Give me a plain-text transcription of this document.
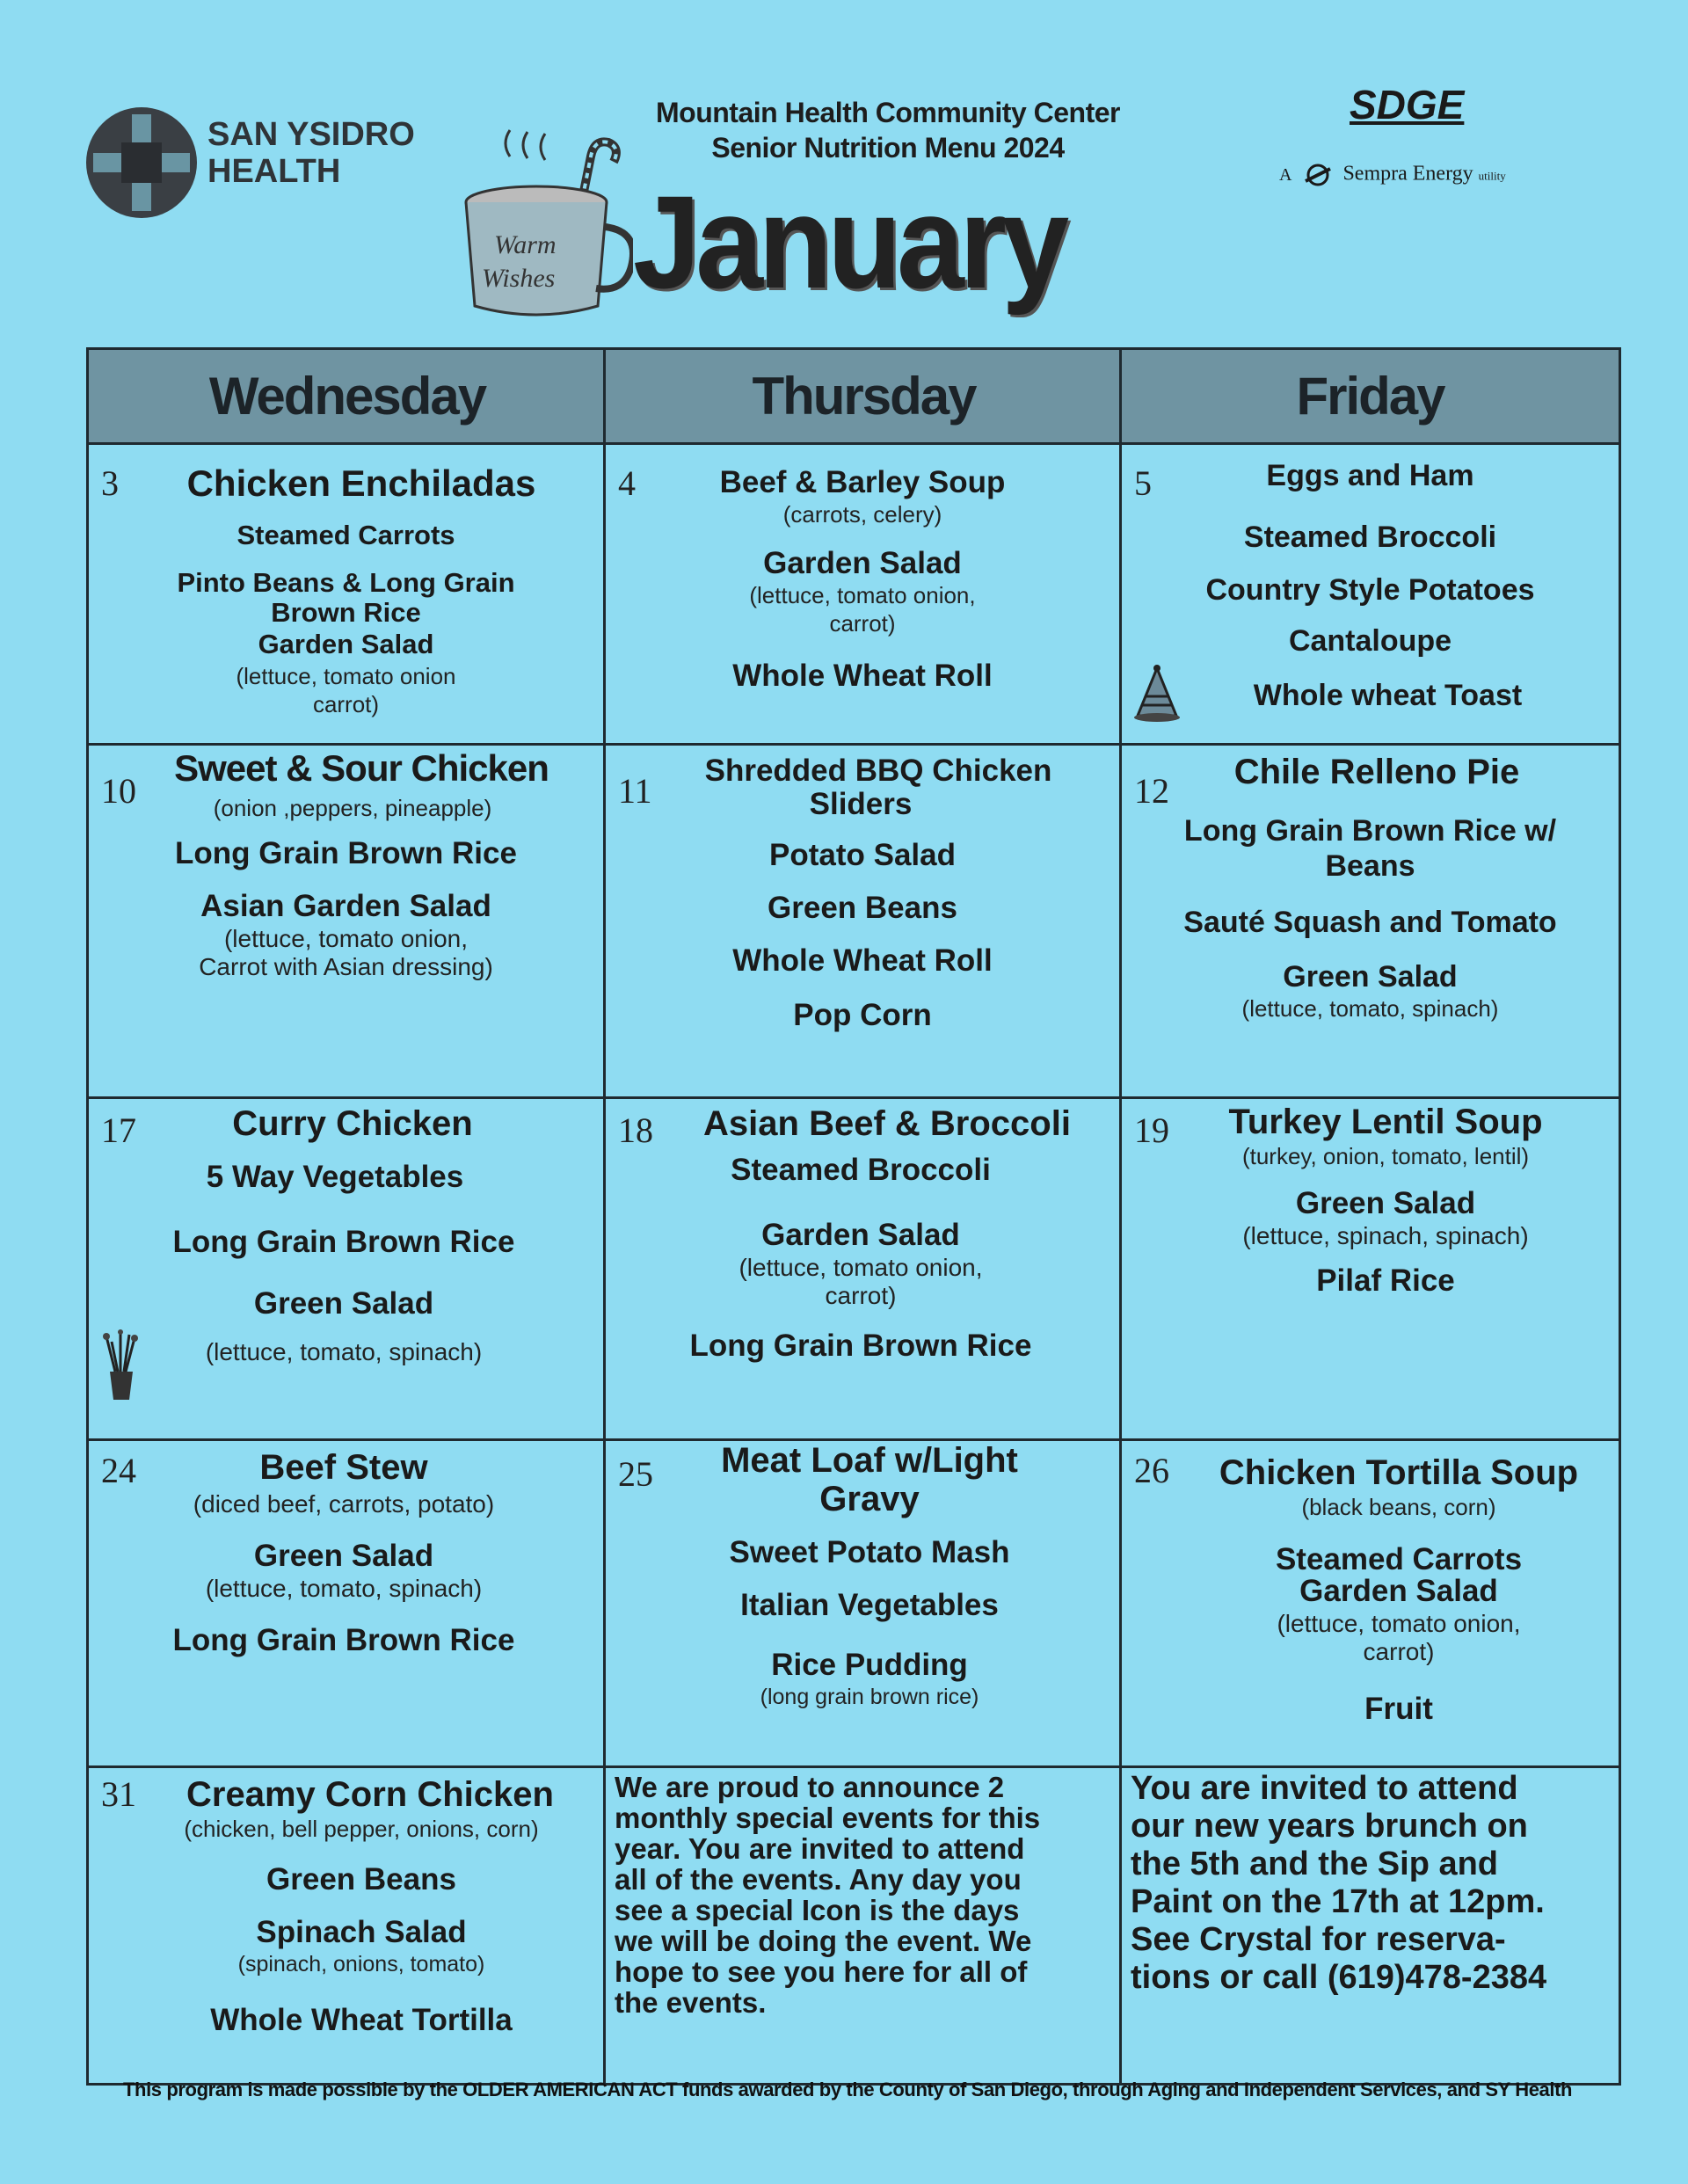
SAN YSIDRO
HEALTH
Warm
Wishes
Mountain Health Community Center
Senior Nutrition Menu 2024
January
SDGE
A Sempra Energy utility
Wednesday	Thursday	Friday
3	Chicken Enchiladas
Steamed Carrots
Pinto Beans & Long Grain
Brown Rice
Garden Salad
(lettuce, tomato onion
carrot)
4	Beef & Barley Soup
(carrots, celery)
Garden Salad
(lettuce, tomato onion,
carrot)
Whole Wheat Roll
5	Eggs and Ham
Steamed Broccoli
Country Style Potatoes
Cantaloupe
Whole wheat Toast
10
Sweet & Sour Chicken
(onion ,peppers, pineapple)
Long Grain Brown Rice
Asian Garden Salad
(lettuce, tomato onion,
Carrot with Asian dressing)
11
Shredded BBQ Chicken
Sliders
Potato Salad
Green Beans
Whole Wheat Roll
Pop Corn
12	Chile Relleno Pie
Long Grain Brown Rice w/
Beans
Sauté Squash and Tomato
Green Salad
(lettuce, tomato, spinach)
17	Curry Chicken
5 Way Vegetables
Long Grain Brown Rice
Green Salad
(lettuce, tomato, spinach)
18	Asian Beef & Broccoli
Steamed Broccoli
Garden Salad
(lettuce, tomato onion,
carrot)
Long Grain Brown Rice
19	Turkey Lentil Soup
(turkey, onion, tomato, lentil)
Green Salad
(lettuce, spinach, spinach)
Pilaf Rice
24	Beef Stew
(diced beef, carrots, potato)
Green Salad
(lettuce, tomato, spinach)
Long Grain Brown Rice
25	Meat Loaf w/Light
Gravy
Sweet Potato Mash
Italian Vegetables
Rice Pudding
(long grain brown rice)
26	Chicken Tortilla Soup
(black beans, corn)
Steamed Carrots
Garden Salad
(lettuce, tomato onion,
carrot)
Fruit
31	Creamy Corn Chicken
(chicken, bell pepper, onions, corn)
Green Beans
Spinach Salad
(spinach, onions, tomato)
Whole Wheat Tortilla
We are proud to announce 2
monthly special events for this
year. You are invited to attend
all of the events. Any day you
see a special Icon is the days
we will be doing the event. We
hope to see you here for all of
the events.
You are invited to attend
our new years brunch on
the 5th and the Sip and
Paint on the 17th at 12pm.
See Crystal for reserva-
tions or call (619)478-2384
This program is made possible by the OLDER AMERICAN ACT funds awarded by the County of San Diego, through Aging and Independent Services, and SY Health
